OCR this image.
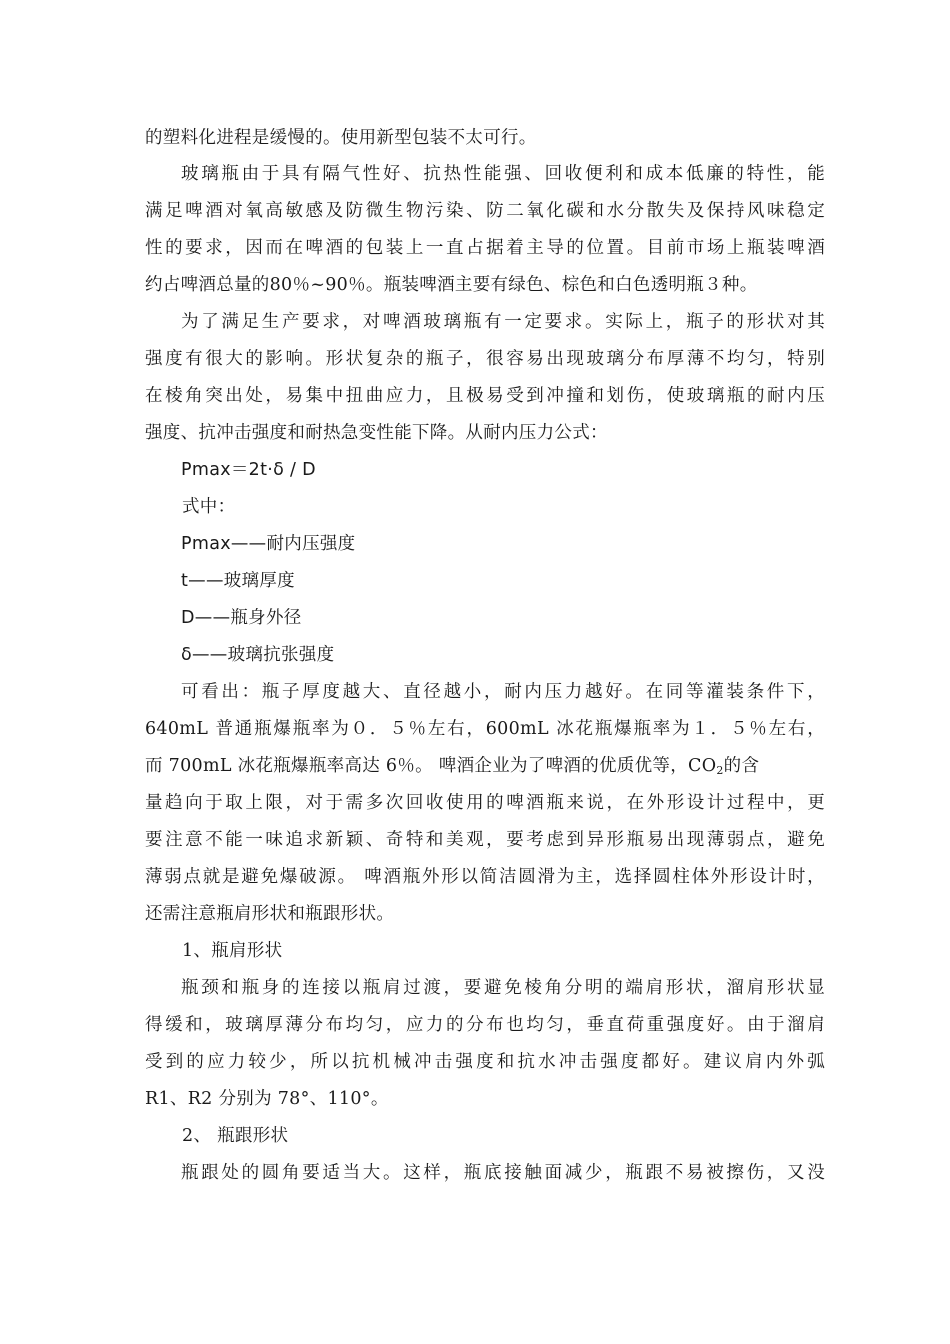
的塑料化进程是缓慢的。使用新型包装不太可行。
玻璃瓶由于具有隔气性好、抗热性能强、回收便利和成本低廉的特性，能
满足啤酒对氧高敏感及防微生物污染、防二氧化碳和水分散失及保持风味稳定
性的要求，因而在啤酒的包装上一直占据着主导的位置。目前市场上瓶装啤酒
约占啤酒总量的80％~90％。瓶装啤酒主要有绿色、棕色和白色透明瓶３种。
为了满足生产要求，对啤酒玻璃瓶有一定要求。实际上，瓶子的形状对其
强度有很大的影响。形状复杂的瓶子，很容易出现玻璃分布厚薄不均匀，特别
在棱角突出处，易集中扭曲应力，且极易受到冲撞和划伤，使玻璃瓶的耐内压
强度、抗冲击强度和耐热急变性能下降。从耐内压力公式：
Pmax＝2t·δ / D
式中：
Pmax——耐内压强度
t——玻璃厚度
D——瓶身外径
δ——玻璃抗张强度
可看出：瓶子厚度越大、直径越小，耐内压力越好。在同等灌装条件下，
640mL 普通瓶爆瓶率为０．５％左右，600mL 冰花瓶爆瓶率为１．５％左右，
而 700mL 冰花瓶爆瓶率高达 6％。 啤酒企业为了啤酒的优质优等，$CO_2$的含
量趋向于取上限，对于需多次回收使用的啤酒瓶来说，在外形设计过程中，更
要注意不能一味追求新颖、奇特和美观，要考虑到异形瓶易出现薄弱点，避免
薄弱点就是避免爆破源。 啤酒瓶外形以简洁圆滑为主，选择圆柱体外形设计时，
还需注意瓶肩形状和瓶跟形状。
1、瓶肩形状
瓶颈和瓶身的连接以瓶肩过渡，要避免棱角分明的端肩形状，溜肩形状显
得缓和，玻璃厚薄分布均匀，应力的分布也均匀，垂直荷重强度好。由于溜肩
受到的应力较少，所以抗机械冲击强度和抗水冲击强度都好。建议肩内外弧
R1、R2 分别为 78°、110°。
2、 瓶跟形状
瓶跟处的圆角要适当大。这样，瓶底接触面减少，瓶跟不易被擦伤，又没
